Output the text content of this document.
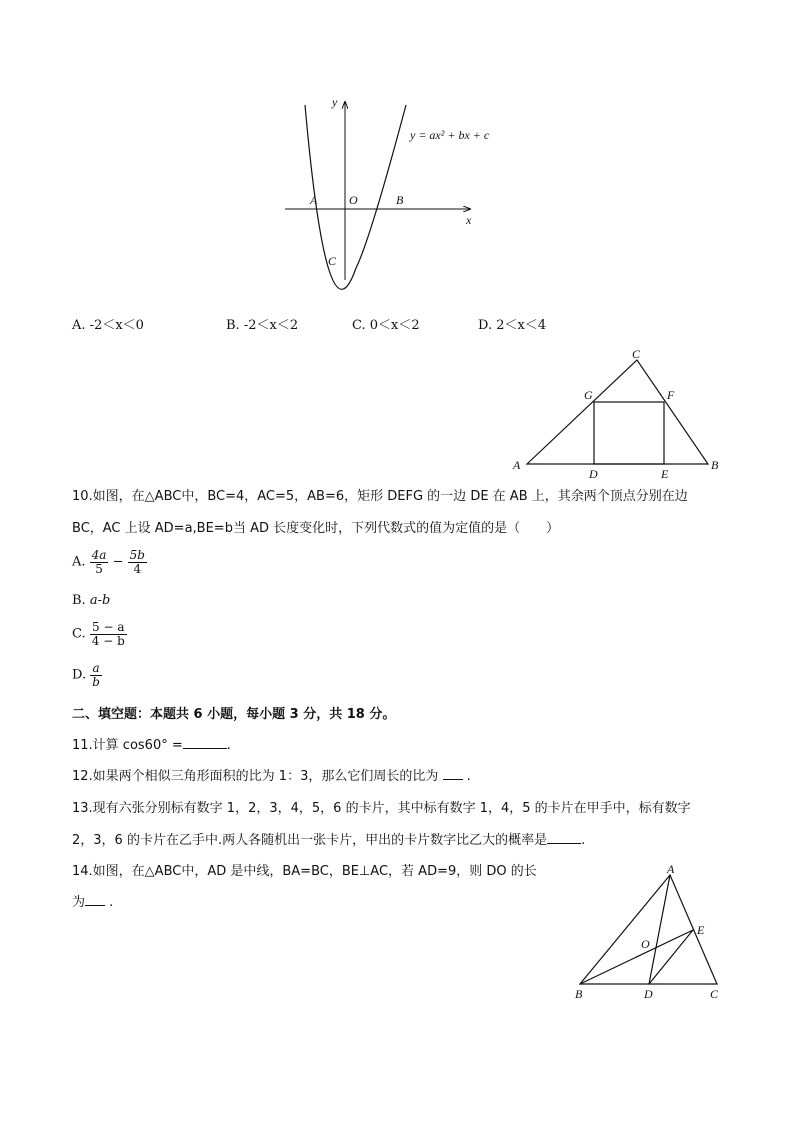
y
x
O
A	B
C
y = ax² + bx + c
A. -2＜x＜0	B. -2＜x＜2	C. 0＜x＜2	D. 2＜x＜4
C
G	F
A
D	E
B
10.如图，在△ABC中，BC=4，AC=5，AB=6，矩形 DEFG 的一边 DE 在 AB 上，其余两个顶点分别在边
BC，AC 上设 AD=a,BE=b当 AD 长度变化时，下列代数式的值为定值的是（　　）
A. $\frac{4a}{5} - \frac{5b}{4}$
B. a-b
C. $\frac{5 - a}{4 - b}$
D. $\frac{a}{b}$
二、填空题：本题共 6 小题，每小题 3 分，共 18 分。
11.计算 cos60° =	.
12.如果两个相似三角形面积的比为 1：3，那么它们周长的比为 .
13.现有六张分别标有数字 1，2，3，4，5，6 的卡片，其中标有数字 1，4，5 的卡片在甲手中，标有数字
2，3，6 的卡片在乙手中.两人各随机出一张卡片，甲出的卡片数字比乙大的概率是	.
14.如图，在△ABC中，AD 是中线，BA=BC，BE⊥AC，若 AD=9，则 DO 的长
为 .
A
E
O
B	D	C
